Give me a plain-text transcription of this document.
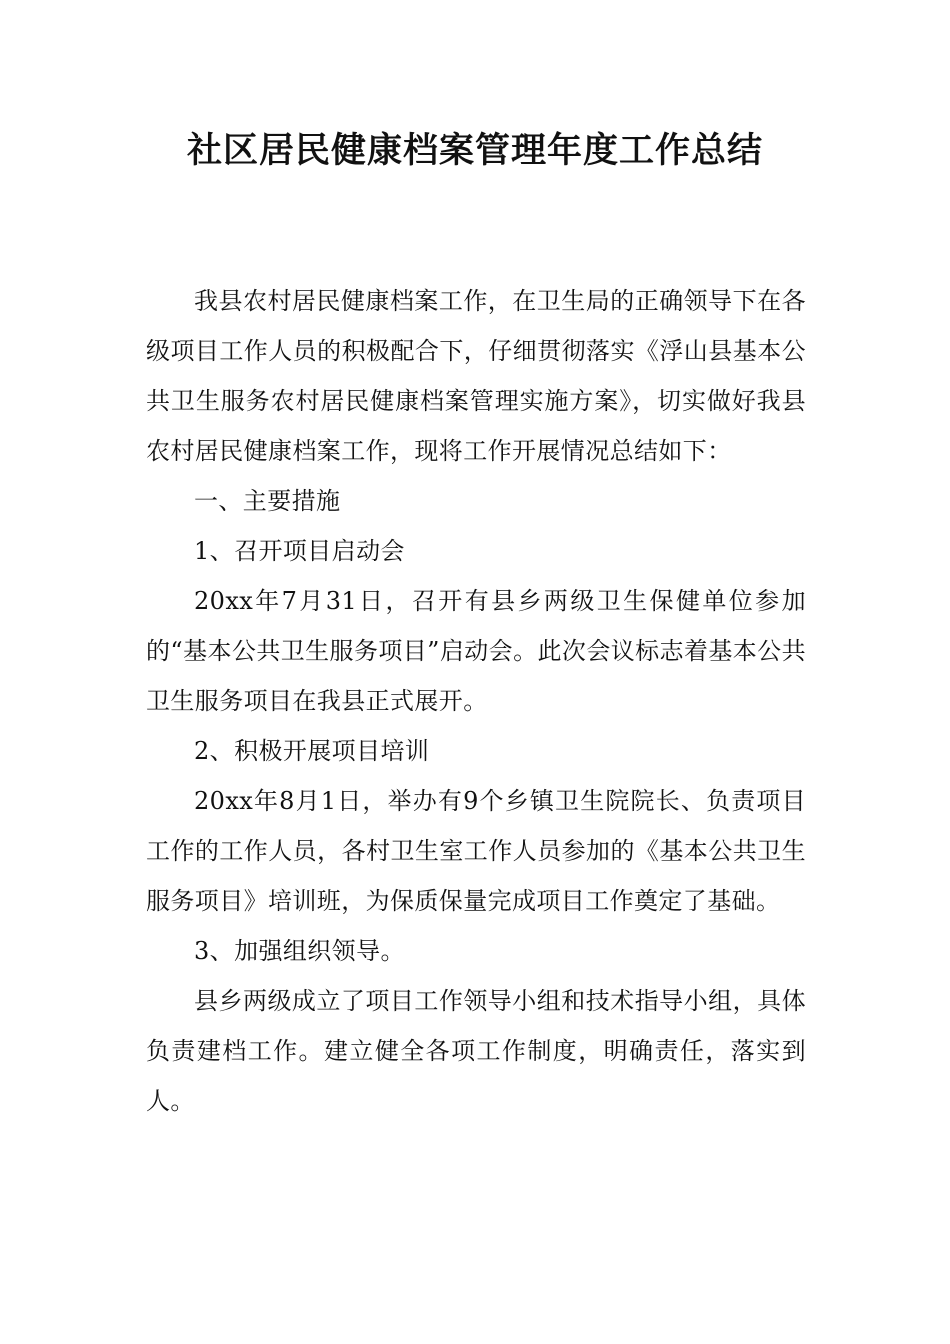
社区居民健康档案管理年度工作总结

我县农村居民健康档案工作，在卫生局的正确领导下在各级项目工作人员的积极配合下，仔细贯彻落实《浮山县基本公共卫生服务农村居民健康档案管理实施方案》，切实做好我县农村居民健康档案工作，现将工作开展情况总结如下：

一、主要措施

1、召开项目启动会

20xx年7月31日，召开有县乡两级卫生保健单位参加的“基本公共卫生服务项目”启动会。此次会议标志着基本公共卫生服务项目在我县正式展开。

2、积极开展项目培训

20xx年8月1日，举办有9个乡镇卫生院院长、负责项目工作的工作人员，各村卫生室工作人员参加的《基本公共卫生服务项目》培训班，为保质保量完成项目工作奠定了基础。

3、加强组织领导。

县乡两级成立了项目工作领导小组和技术指导小组，具体负责建档工作。建立健全各项工作制度，明确责任，落实到人。
